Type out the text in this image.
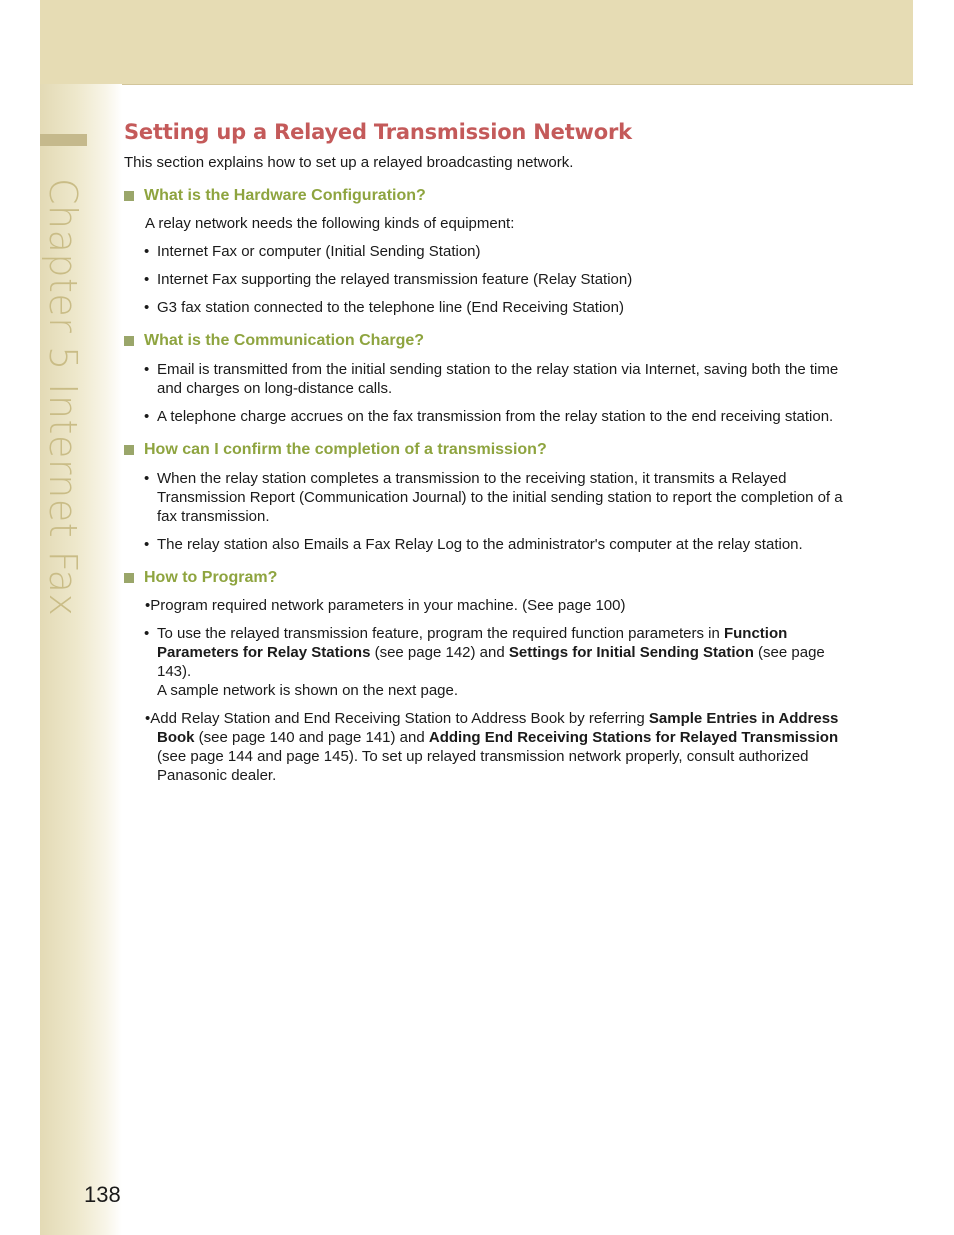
Chapter 5 Internet Fax
Setting up a Relayed Transmission Network

This section explains how to set up a relayed broadcasting network.

What is the Hardware Configuration?

A relay network needs the following kinds of equipment:

• Internet Fax or computer (Initial Sending Station)
• Internet Fax supporting the relayed transmission feature (Relay Station)
• G3 fax station connected to the telephone line (End Receiving Station)
What is the Communication Charge?
• Email is transmitted from the initial sending station to the relay station via Internet, saving both the time and charges on long-distance calls.
• A telephone charge accrues on the fax transmission from the relay station to the end receiving station.
How can I confirm the completion of a transmission?
• When the relay station completes a transmission to the receiving station, it transmits a Relayed Transmission Report (Communication Journal) to the initial sending station to report the completion of a fax transmission.
• The relay station also Emails a Fax Relay Log to the administrator's computer at the relay station.
How to Program?

•Program required network parameters in your machine. (See page 100)

• To use the relayed transmission feature, program the required function parameters in Function Parameters for Relay Stations (see page 142) and Settings for Initial Sending Station (see page 143).
A sample network is shown on the next page.

•Add Relay Station and End Receiving Station to Address Book by referring Sample Entries in Address Book (see page 140 and page 141) and Adding End Receiving Stations for Relayed Transmission (see page 144 and page 145). To set up relayed transmission network properly, consult authorized Panasonic dealer.

138
